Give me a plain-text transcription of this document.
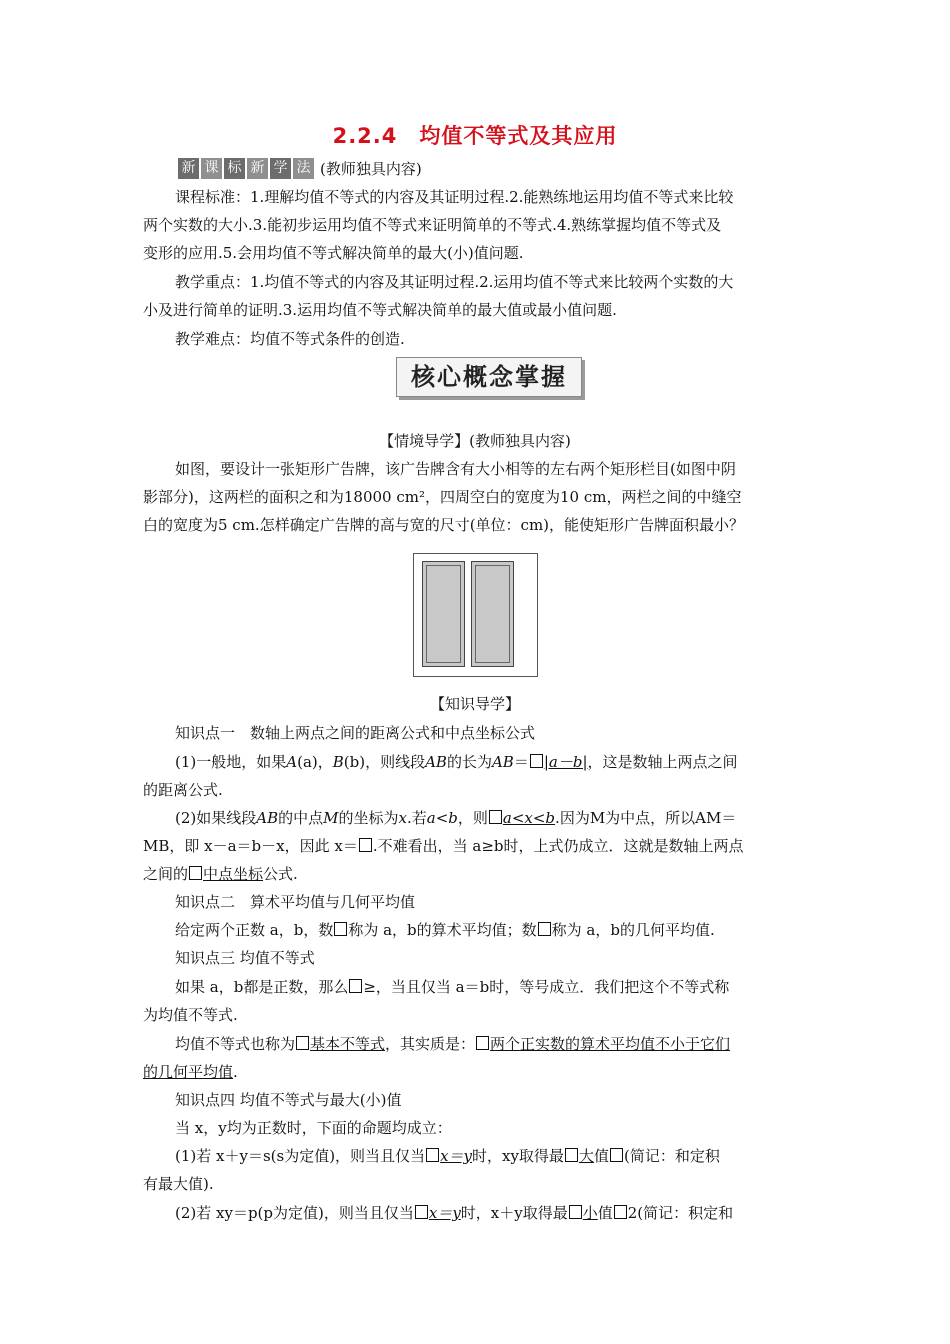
2.2.4　均值不等式及其应用
新 课 标 新 学 法 (教师独具内容)
课程标准：1.理解均值不等式的内容及其证明过程.2.能熟练地运用均值不等式来比较
两个实数的大小.3.能初步运用均值不等式来证明简单的不等式.4.熟练掌握均值不等式及
变形的应用.5.会用均值不等式解决简单的最大(小)值问题.
教学重点：1.均值不等式的内容及其证明过程.2.运用均值不等式来比较两个实数的大
小及进行简单的证明.3.运用均值不等式解决简单的最大值或最小值问题.
教学难点：均值不等式条件的创造.
核心概念掌握
【情境导学】(教师独具内容)
如图，要设计一张矩形广告牌，该广告牌含有大小相等的左右两个矩形栏目(如图中阴
影部分)，这两栏的面积之和为18000 cm²，四周空白的宽度为10 cm，两栏之间的中缝空
白的宽度为5 cm.怎样确定广告牌的高与宽的尺寸(单位：cm)，能使矩形广告牌面积最小？
【知识导学】
知识点一　数轴上两点之间的距离公式和中点坐标公式
(1)一般地，如果A(a)，B(b)，则线段AB的长为AB＝ |a－b|，这是数轴上两点之间
的距离公式.
(2)如果线段AB的中点M的坐标为x.若a<b，则 a<x<b.因为M为中点，所以AM＝
MB，即 x－a＝b－x，因此 x＝ .不难看出，当 a≥b时，上式仍成立．这就是数轴上两点
之间的 中点坐标公式.
知识点二　算术平均值与几何平均值
给定两个正数 a，b，数 称为 a，b的算术平均值；数 称为 a，b的几何平均值.
知识点三 均值不等式
如果 a，b都是正数，那么 ≥，当且仅当 a＝b时，等号成立．我们把这个不等式称
为均值不等式.
均值不等式也称为 基本不等式，其实质是： 两个正实数的算术平均值不小于它们
的几何平均值.
知识点四 均值不等式与最大(小)值
当 x，y均为正数时，下面的命题均成立：
(1)若 x＋y＝s(s为定值)，则当且仅当 x＝y时，xy取得最 大值 (简记：和定积
有最大值).
(2)若 xy＝p(p为定值)，则当且仅当 x＝y时，x＋y取得最 小值 2(简记：积定和
